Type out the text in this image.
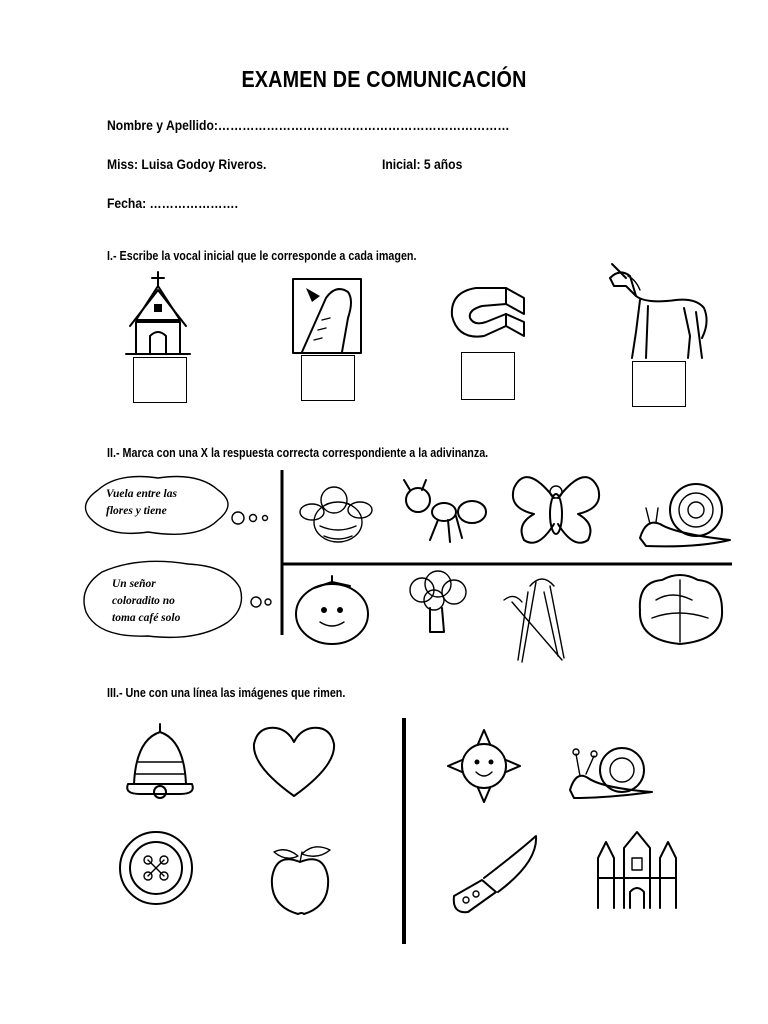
EXAMEN DE COMUNICACIÓN
Nombre y Apellido:………………………………………………………………
Miss: Luisa Godoy Riveros.	Inicial: 5 años
Fecha: ………………….
I.- Escribe la vocal inicial que le corresponde a cada imagen.
II.- Marca con una X la respuesta correcta correspondiente a la adivinanza.
Vuela entre las
flores y tiene
Un señor
coloradito no
toma café solo
III.- Une con una línea las imágenes que rimen.
